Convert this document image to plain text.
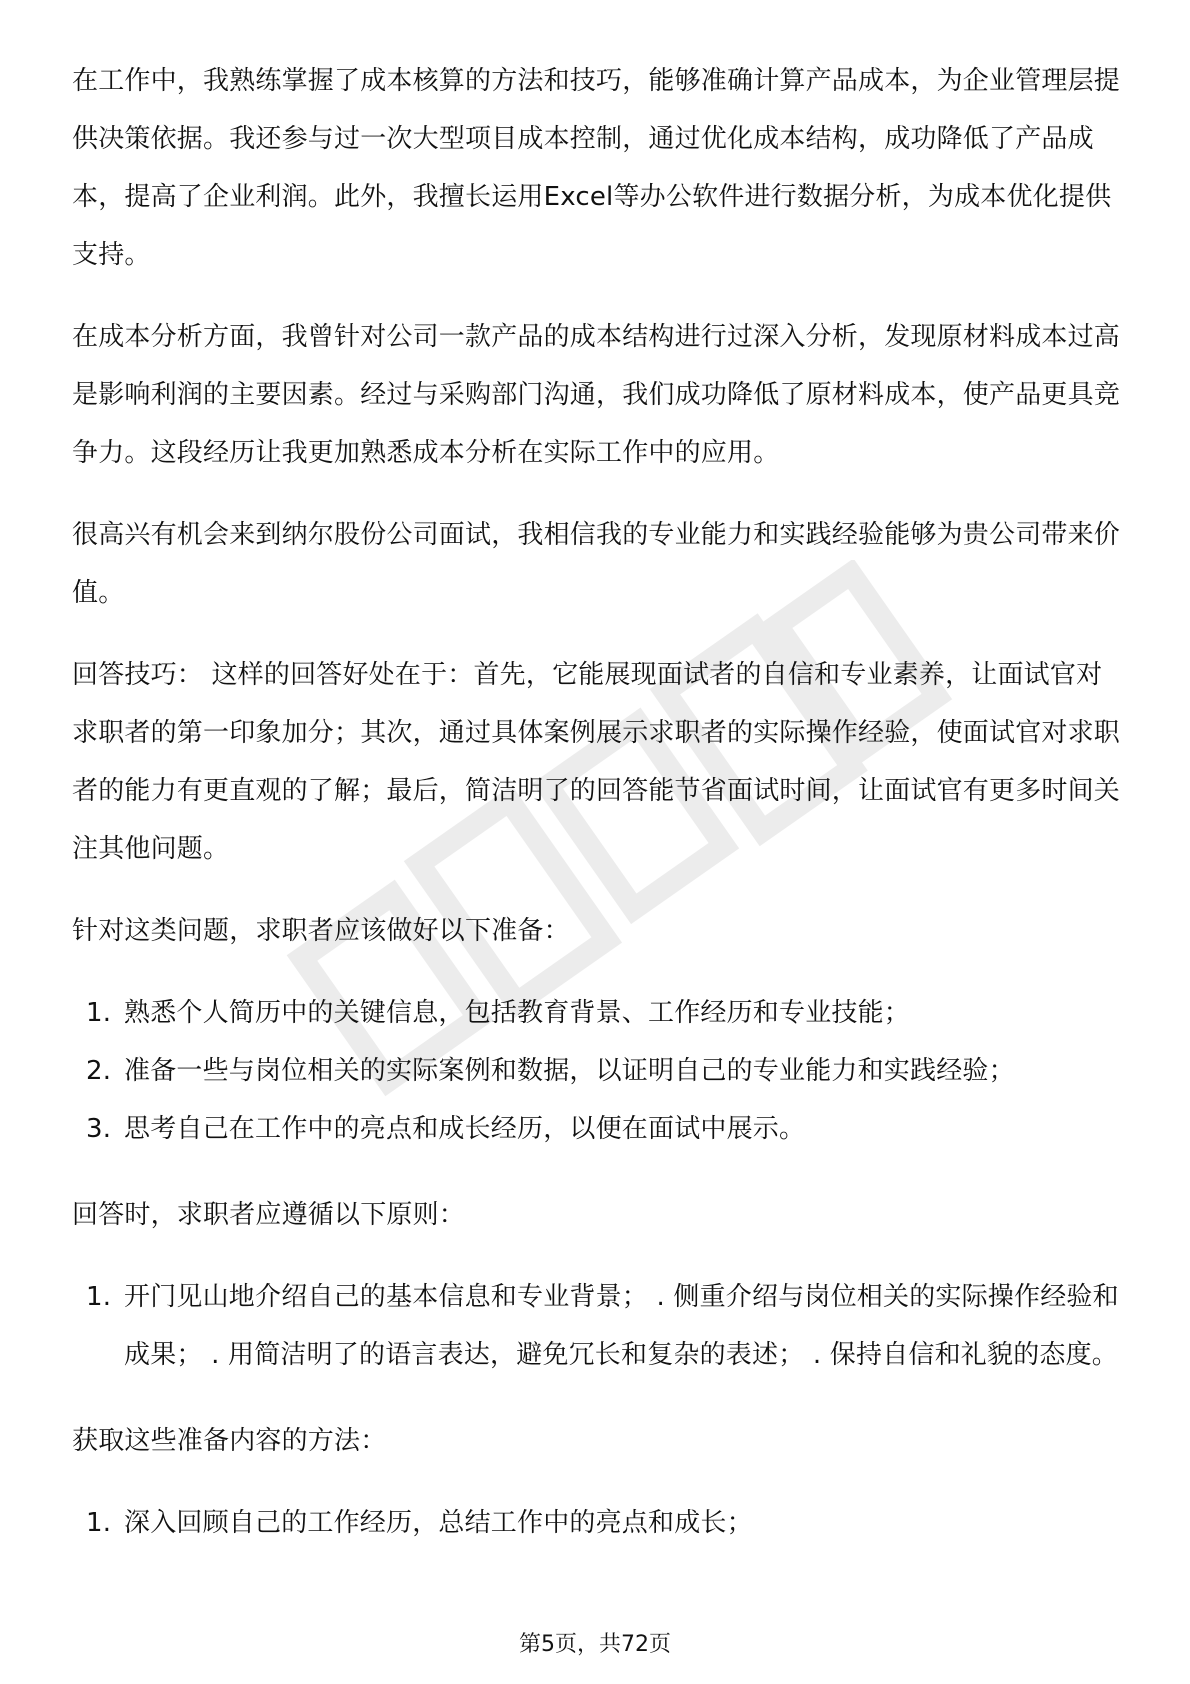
在工作中，我熟练掌握了成本核算的方法和技巧，能够准确计算产品成本，为企业管理层提供决策依据。我还参与过一次大型项目成本控制，通过优化成本结构，成功降低了产品成本，提高了企业利润。此外，我擅长运用Excel等办公软件进行数据分析，为成本优化提供支持。

在成本分析方面，我曾针对公司一款产品的成本结构进行过深入分析，发现原材料成本过高是影响利润的主要因素。经过与采购部门沟通，我们成功降低了原材料成本，使产品更具竞争力。这段经历让我更加熟悉成本分析在实际工作中的应用。

很高兴有机会来到纳尔股份公司面试，我相信我的专业能力和实践经验能够为贵公司带来价值。

回答技巧： 这样的回答好处在于：首先，它能展现面试者的自信和专业素养，让面试官对求职者的第一印象加分；其次，通过具体案例展示求职者的实际操作经验，使面试官对求职者的能力有更直观的了解；最后，简洁明了的回答能节省面试时间，让面试官有更多时间关注其他问题。

针对这类问题，求职者应该做好以下准备：

1. 熟悉个人简历中的关键信息，包括教育背景、工作经历和专业技能；
2. 准备一些与岗位相关的实际案例和数据，以证明自己的专业能力和实践经验；
3. 思考自己在工作中的亮点和成长经历，以便在面试中展示。

回答时，求职者应遵循以下原则：

1. 开门见山地介绍自己的基本信息和专业背景； . 侧重介绍与岗位相关的实际操作经验和成果； . 用简洁明了的语言表达，避免冗长和复杂的表述； . 保持自信和礼貌的态度。

获取这些准备内容的方法：

1. 深入回顾自己的工作经历，总结工作中的亮点和成长；
第5页，共72页
